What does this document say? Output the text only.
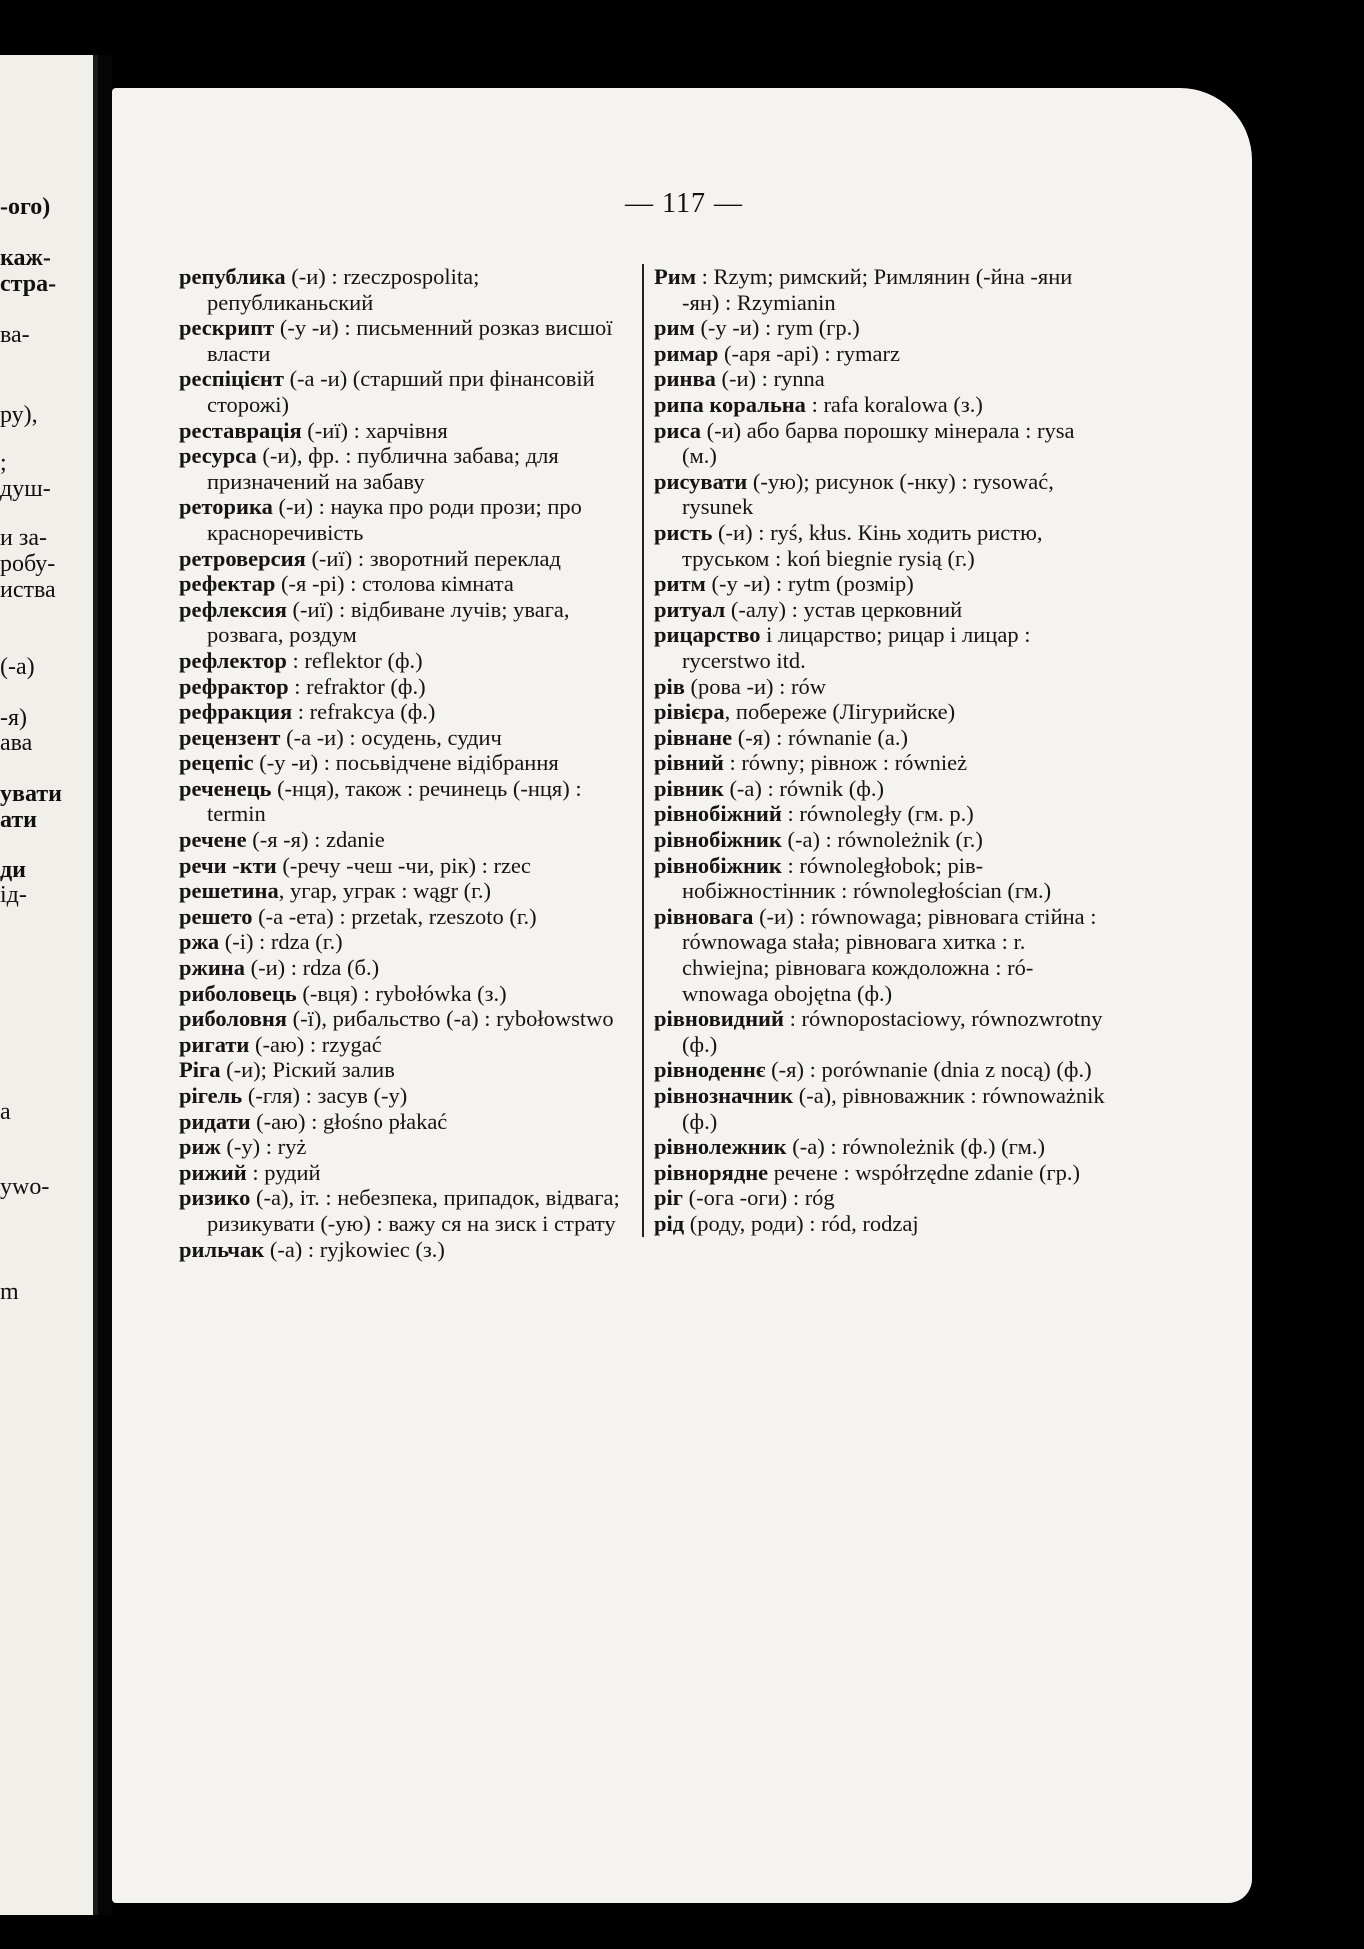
-ого)
каж-
стра-
ва-
ру),
;
душ-
и за-
робу-
иства
(-а)
-я)
ава
увати
ати
ди
ід-
а
ywo-
m
— 117 —

република (-и) : rzeczpospolita; републиканьский

рескрипт (-у -и) : письменний розказ висшої власти

респіцієнт (-а -и) (старший при фінансовій сторожі)

реставрація (-иї) : харчівня

ресурса (-и), фр. : публична забава; для призначений на забаву

реторика (-и) : наука про роди прози; про красноречивість

ретроверсия (-иї) : зворотний переклад

рефектар (-я -рі) : столова кімната

рефлексия (-иї) : відбиване лучів; увага, розвага, роздум

рефлектор : reflektor (ф.)

рефрактор : refraktor (ф.)

рефракция : refrakcya (ф.)

рецензент (-а -и) : осудень, судич

рецепіс (-у -и) : посьвідчене відібрання

реченець (-нця), також : речинець (-нця) : termin

речене (-я -я) : zdanie

речи -кти (-речу -чеш -чи, рік) : rzec

решетина, угар, уграк : wągr (г.)

решето (-а -ета) : przetak, rzeszoto (г.)

ржа (-і) : rdza (г.)

ржина (-и) : rdza (б.)

риболовець (-вця) : rybołówka (з.)

риболовня (-ї), рибальство (-а) : rybołowstwo

ригати (-аю) : rzygać

Ріга (-и); Ріский залив

рігель (-гля) : засув (-у)

ридати (-аю) : głośno płakać

риж (-у) : ryż

рижий : рудий

ризико (-а), іт. : небезпека, припадок, відвага; ризикувати (-ую) : важу ся на зиск і страту

рильчак (-а) : ryjkowiec (з.)

Рим : Rzym; римский; Римлянин (-йна -яни -ян) : Rzymianin

рим (-у -и) : rym (гр.)

римар (-аря -арі) : rymarz

ринва (-и) : rynna

рипа коральна : rafa koralowa (з.)

риса (-и) або барва порошку мінерала : rysa (м.)

рисувати (-ую); рисунок (-нку) : rysować, rysunek

ристь (-и) : ryś, kłus. Кінь ходить ристю, труськом : koń biegnie rysią (г.)

ритм (-у -и) : rytm (розмір)

ритуал (-алу) : устав церковний

рицарство і лицарство; рицар і лицар : rycerstwo itd.

рів (рова -и) : rów

рівієра, побереже (Лігурийске)

рівнане (-я) : równanie (а.)

рівний : równy; рівнож : również

рівник (-а) : równik (ф.)

рівнобіжний : równoległy (гм. р.)

рівнобіжник (-а) : równoleżnik (г.)

рівнобіжник : równoległobok; рівнобіжностінник : równoległościan (гм.)

рівновага (-и) : równowaga; рівновага стійна : równowaga stała; рівновага хитка : r. chwiejna; рівновага кождоложна : równowaga obojętna (ф.)

рівновидний : równopostaciowy, równozwrotny (ф.)

рівноденнє (-я) : porównanie (dnia z nocą) (ф.)

рівнозначник (-а), рівноважник : równoważnik (ф.)

рівнолежник (-а) : równoleżnik (ф.) (гм.)

рівнорядне речене : współrzędne zdanie (гр.)

ріг (-ога -оги) : róg

рід (роду, роди) : ród, rodzaj
